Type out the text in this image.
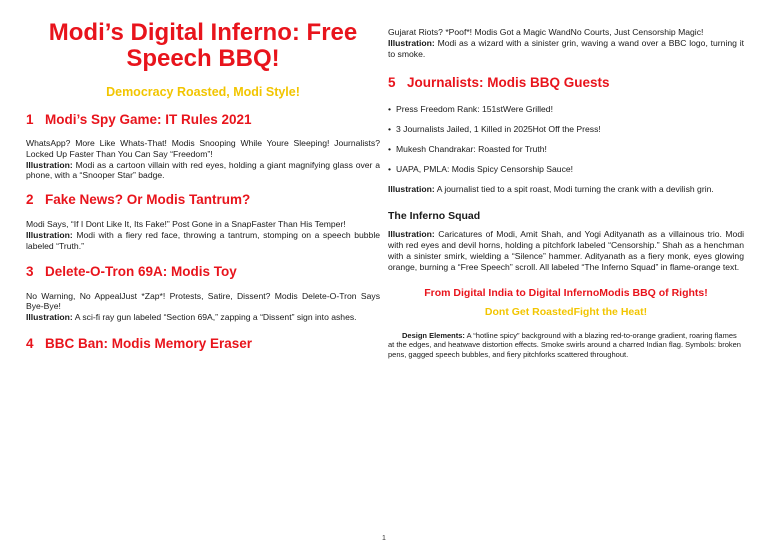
Modi’s Digital Inferno: Free Speech BBQ!
Democracy Roasted, Modi Style!
1 Modi’s Spy Game: IT Rules 2021

WhatsApp? More Like Whats-That! Modis Snooping While Youre Sleeping! Journalists? Locked Up Faster Than You Can Say “Freedom”!
Illustration: Modi as a cartoon villain with red eyes, holding a giant magnifying glass over a phone, with a “Snooper Star” badge.

2 Fake News? Or Modis Tantrum?

Modi Says, “If I Dont Like It, Its Fake!” Post Gone in a SnapFaster Than His Temper!
Illustration: Modi with a fiery red face, throwing a tantrum, stomping on a speech bubble labeled “Truth.”

3 Delete-O-Tron 69A: Modis Toy

No Warning, No AppealJust *Zap*! Protests, Satire, Dissent? Modis Delete-O-Tron Says Bye-Bye!
Illustration: A sci-fi ray gun labeled “Section 69A,” zapping a “Dissent” sign into ashes.

4 BBC Ban: Modis Memory Eraser

Gujarat Riots? *Poof*! Modis Got a Magic WandNo Courts, Just Censorship Magic!
Illustration: Modi as a wizard with a sinister grin, waving a wand over a BBC logo, turning it to smoke.

5 Journalists: Modis BBQ Guests
• Press Freedom Rank: 151stWere Grilled!
• 3 Journalists Jailed, 1 Killed in 2025Hot Off the Press!
• Mukesh Chandrakar: Roasted for Truth!
• UAPA, PMLA: Modis Spicy Censorship Sauce!

Illustration: A journalist tied to a spit roast, Modi turning the crank with a devilish grin.

The Inferno Squad

Illustration: Caricatures of Modi, Amit Shah, and Yogi Adityanath as a villainous trio. Modi with red eyes and devil horns, holding a pitchfork labeled “Censorship.” Shah as a henchman with a sinister smirk, wielding a “Silence” hammer. Adityanath as a fiery monk, eyes glowing orange, burning a “Free Speech” scroll. All labeled “The Inferno Squad” in flame-orange text.

From Digital India to Digital InfernoModis BBQ of Rights!
Dont Get RoastedFight the Heat!

Design Elements: A “hotline spicy” background with a blazing red-to-orange gradient, roaring flames at the edges, and heatwave distortion effects. Smoke swirls around a charred Indian flag. Symbols: broken pens, gagged speech bubbles, and fiery pitchforks scattered throughout.

1
